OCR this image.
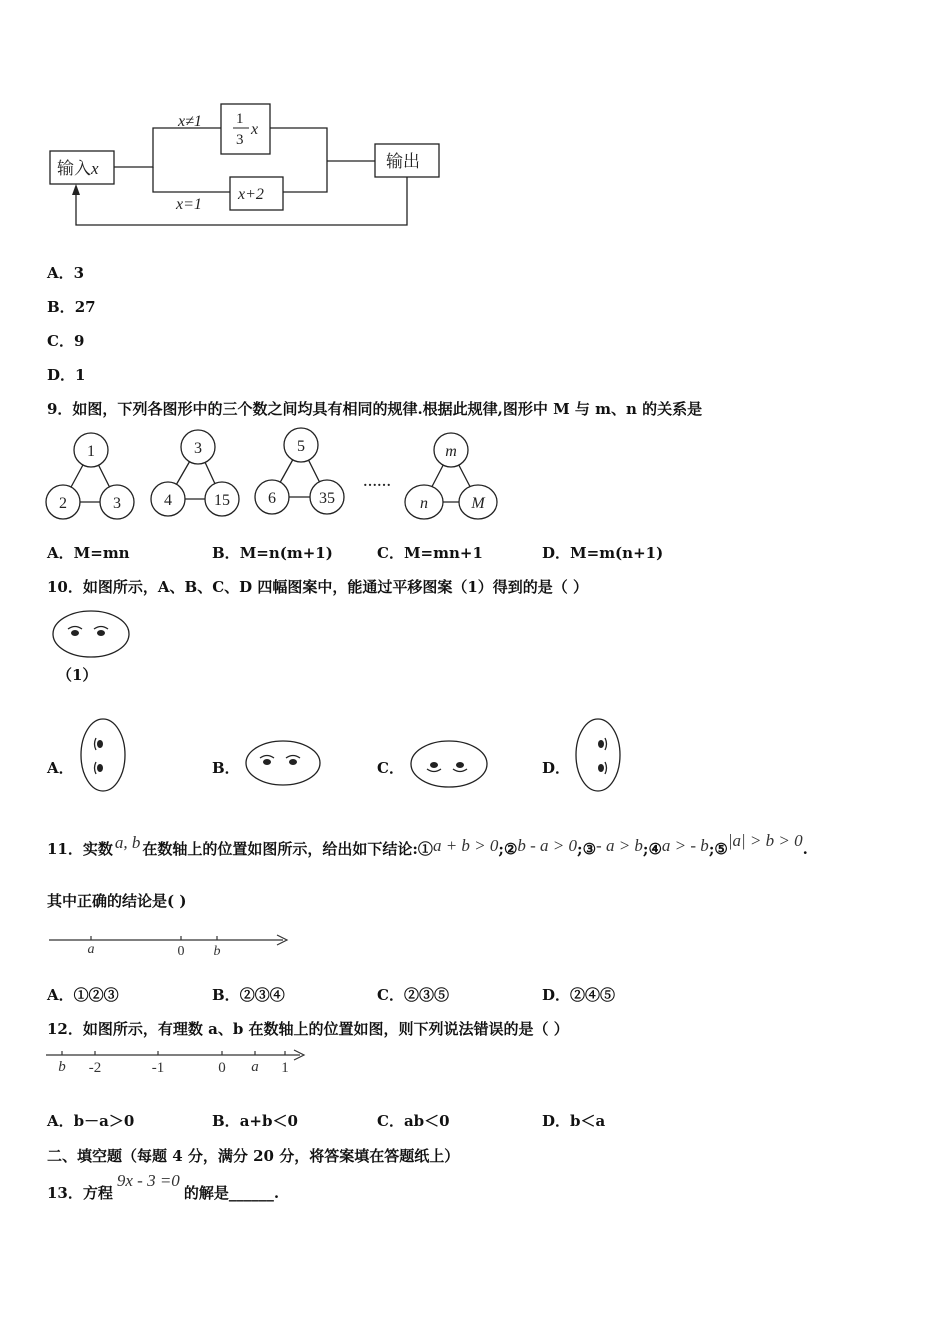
输入x	输出
x≠1
x=1
1
3
x
x+2
A．3
B．27
C．9
D．1
9．如图，下列各图形中的三个数之间均具有相同的规律.根据此规律,图形中 M 与 m、n 的关系是
1
2	3
3
4	15
5
6	35
m
n	M
……
A．M=mn	B．M=n(m+1)	C．M=mn+1	D．M=m(n+1)
10．如图所示，A、B、C、D 四幅图案中，能通过平移图案（1）得到的是（ ）
（1）
A．	B．	C．	D．
11．实数 a, b 在数轴上的位置如图所示，给出如下结论:①a + b > 0;②b - a > 0;③- a > b;④a > - b;⑤|a| > b > 0.
其中正确的结论是( )
a	0 b
A．①②③	B．②③④	C．②③⑤	D．②④⑤
12．如图所示，有理数 a、b 在数轴上的位置如图，则下列说法错误的是（ ）
b -2	-1	0 a 1
A．b－a＞0	B．a+b＜0	C．ab＜0	D．b＜a
二、填空题（每题 4 分，满分 20 分，将答案填在答题纸上）
13．方程9x - 3 =0的解是______.
